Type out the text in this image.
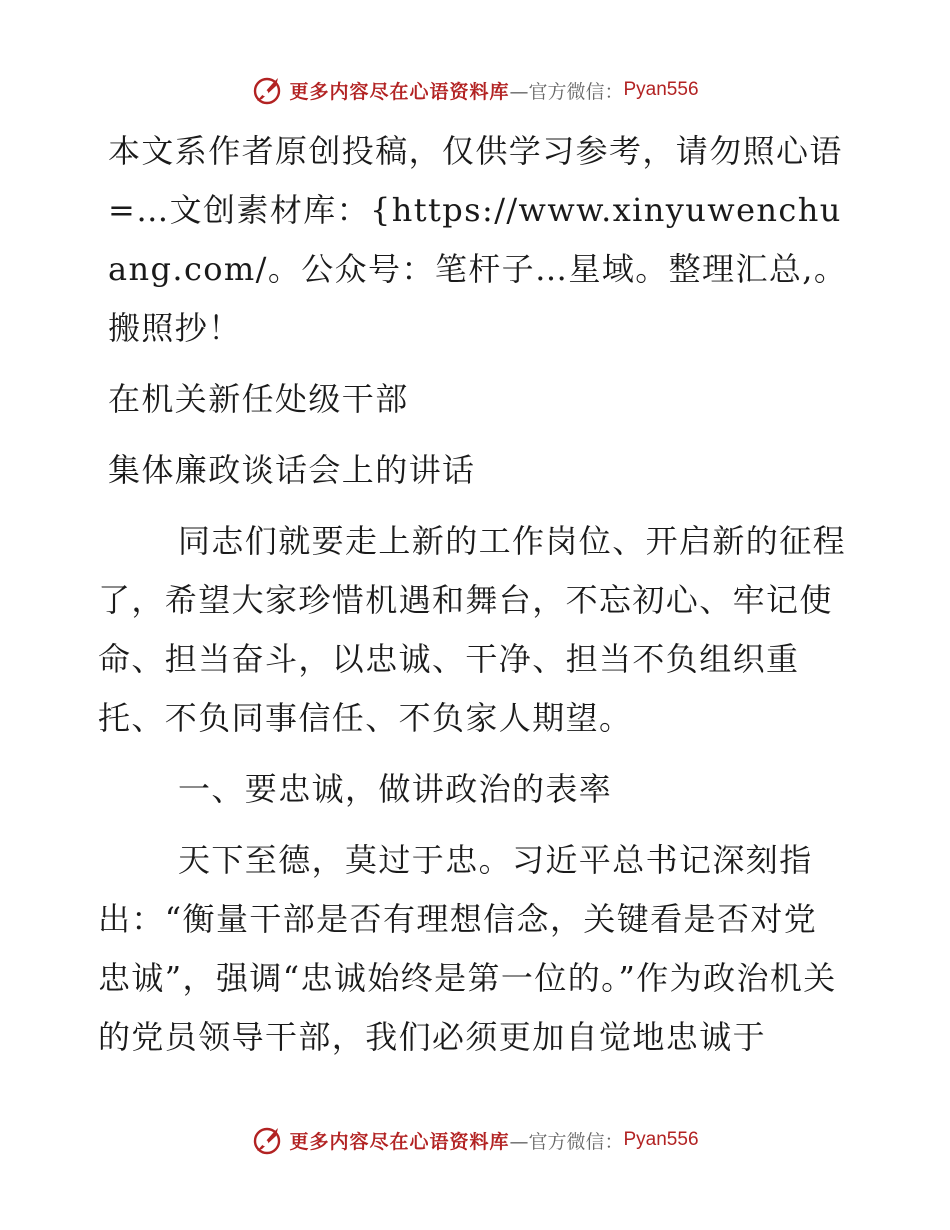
更多内容尽在心语资料库 —官方微信： Pyan556

本文系作者原创投稿，仅供学习参考，请勿照心语=…文创素材库：{https://www.xinyuwenchuang.com/。公众号：笔杆子…星域。整理汇总,。搬照抄！

在机关新任处级干部

集体廉政谈话会上的讲话

同志们就要走上新的工作岗位、开启新的征程了，希望大家珍惜机遇和舞台，不忘初心、牢记使命、担当奋斗，以忠诚、干净、担当不负组织重托、不负同事信任、不负家人期望。

一、要忠诚，做讲政治的表率

天下至德，莫过于忠。习近平总书记深刻指出：“衡量干部是否有理想信念，关键看是否对党忠诚”，强调“忠诚始终是第一位的。”作为政治机关的党员领导干部，我们必须更加自觉地忠诚于

更多内容尽在心语资料库 —官方微信： Pyan556
